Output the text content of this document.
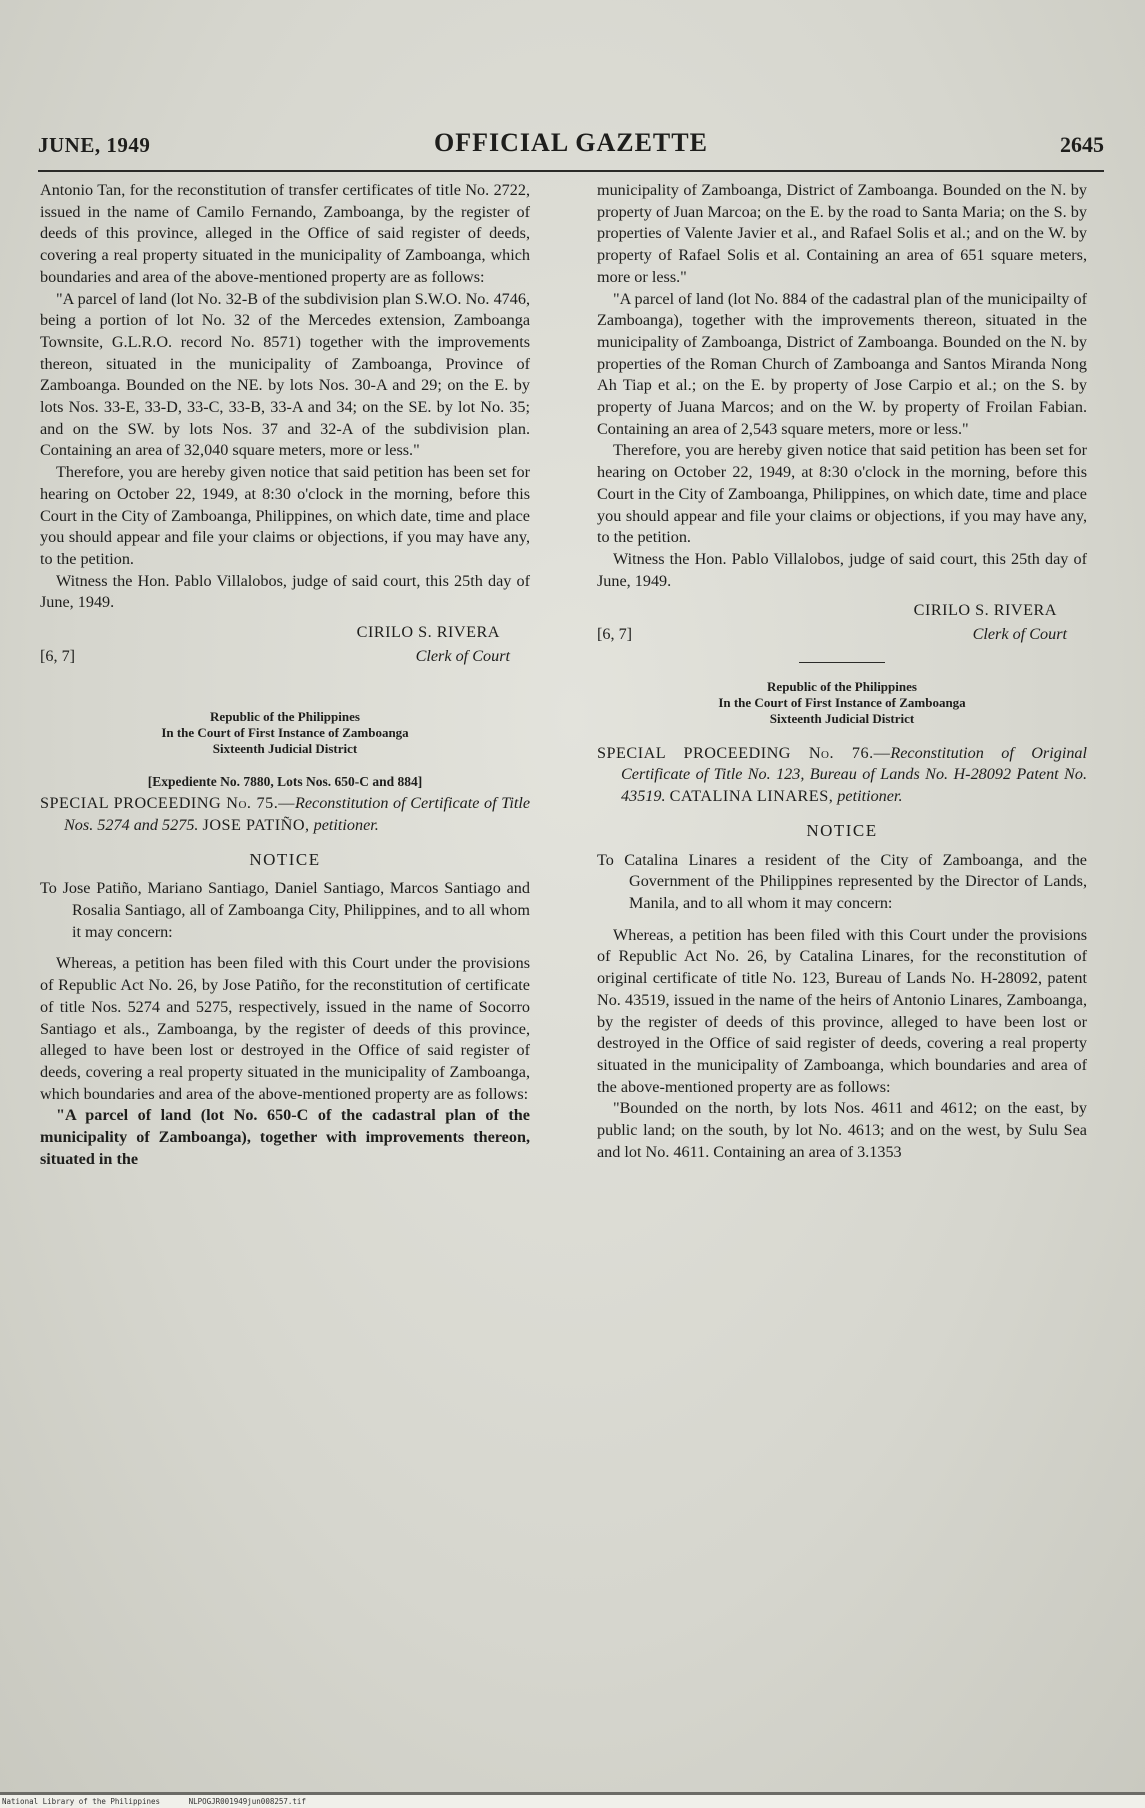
JUNE, 1949	OFFICIAL GAZETTE	2645

Antonio Tan, for the reconstitution of transfer certificates of title No. 2722, issued in the name of Camilo Fernando, Zamboanga, by the register of deeds of this province, alleged in the Office of said register of deeds, covering a real property situated in the municipality of Zamboanga, which boundaries and area of the above-mentioned property are as follows:

"A parcel of land (lot No. 32-B of the subdivision plan S.W.O. No. 4746, being a portion of lot No. 32 of the Mercedes extension, Zamboanga Townsite, G.L.R.O. record No. 8571) together with the improvements thereon, situated in the municipality of Zamboanga, Province of Zamboanga. Bounded on the NE. by lots Nos. 30-A and 29; on the E. by lots Nos. 33-E, 33-D, 33-C, 33-B, 33-A and 34; on the SE. by lot No. 35; and on the SW. by lots Nos. 37 and 32-A of the subdivision plan. Containing an area of 32,040 square meters, more or less."

Therefore, you are hereby given notice that said petition has been set for hearing on October 22, 1949, at 8:30 o'clock in the morning, before this Court in the City of Zamboanga, Philippines, on which date, time and place you should appear and file your claims or objections, if you may have any, to the petition.

Witness the Hon. Pablo Villalobos, judge of said court, this 25th day of June, 1949.

CIRILO S. RIVERA
[6, 7]	Clerk of Court
Republic of the Philippines
In the Court of First Instance of Zamboanga
Sixteenth Judicial District
[Expediente No. 7880, Lots Nos. 650-C and 884]

SPECIAL PROCEEDING No. 75.—Reconstitution of Certificate of Title Nos. 5274 and 5275. JOSE PATIÑO, petitioner.

NOTICE

To Jose Patiño, Mariano Santiago, Daniel Santiago, Marcos Santiago and Rosalia Santiago, all of Zamboanga City, Philippines, and to all whom it may concern:

Whereas, a petition has been filed with this Court under the provisions of Republic Act No. 26, by Jose Patiño, for the reconstitution of certificate of title Nos. 5274 and 5275, respectively, issued in the name of Socorro Santiago et als., Zamboanga, by the register of deeds of this province, alleged to have been lost or destroyed in the Office of said register of deeds, covering a real property situated in the municipality of Zamboanga, which boundaries and area of the above-mentioned property are as follows:

"A parcel of land (lot No. 650-C of the cadastral plan of the municipality of Zamboanga), together with improvements thereon, situated in the

municipality of Zamboanga, District of Zamboanga. Bounded on the N. by property of Juan Marcoa; on the E. by the road to Santa Maria; on the S. by properties of Valente Javier et al., and Rafael Solis et al.; and on the W. by property of Rafael Solis et al. Containing an area of 651 square meters, more or less."

"A parcel of land (lot No. 884 of the cadastral plan of the municipailty of Zamboanga), together with the improvements thereon, situated in the municipality of Zamboanga, District of Zamboanga. Bounded on the N. by properties of the Roman Church of Zamboanga and Santos Miranda Nong Ah Tiap et al.; on the E. by property of Jose Carpio et al.; on the S. by property of Juana Marcos; and on the W. by property of Froilan Fabian. Containing an area of 2,543 square meters, more or less."

Therefore, you are hereby given notice that said petition has been set for hearing on October 22, 1949, at 8:30 o'clock in the morning, before this Court in the City of Zamboanga, Philippines, on which date, time and place you should appear and file your claims or objections, if you may have any, to the petition.

Witness the Hon. Pablo Villalobos, judge of said court, this 25th day of June, 1949.

CIRILO S. RIVERA
[6, 7]	Clerk of Court
Republic of the Philippines
In the Court of First Instance of Zamboanga
Sixteenth Judicial District

SPECIAL PROCEEDING No. 76.—Reconstitution of Original Certificate of Title No. 123, Bureau of Lands No. H-28092 Patent No. 43519. CATALINA LINARES, petitioner.

NOTICE

To Catalina Linares a resident of the City of Zamboanga, and the Government of the Philippines represented by the Director of Lands, Manila, and to all whom it may concern:

Whereas, a petition has been filed with this Court under the provisions of Republic Act No. 26, by Catalina Linares, for the reconstitution of original certificate of title No. 123, Bureau of Lands No. H-28092, patent No. 43519, issued in the name of the heirs of Antonio Linares, Zamboanga, by the register of deeds of this province, alleged to have been lost or destroyed in the Office of said register of deeds, covering a real property situated in the municipality of Zamboanga, which boundaries and area of the above-mentioned property are as follows:

"Bounded on the north, by lots Nos. 4611 and 4612; on the east, by public land; on the south, by lot No. 4613; and on the west, by Sulu Sea and lot No. 4611. Containing an area of 3.1353

National Library of the Philippines	NLPOGJR001949jun008257.tif
